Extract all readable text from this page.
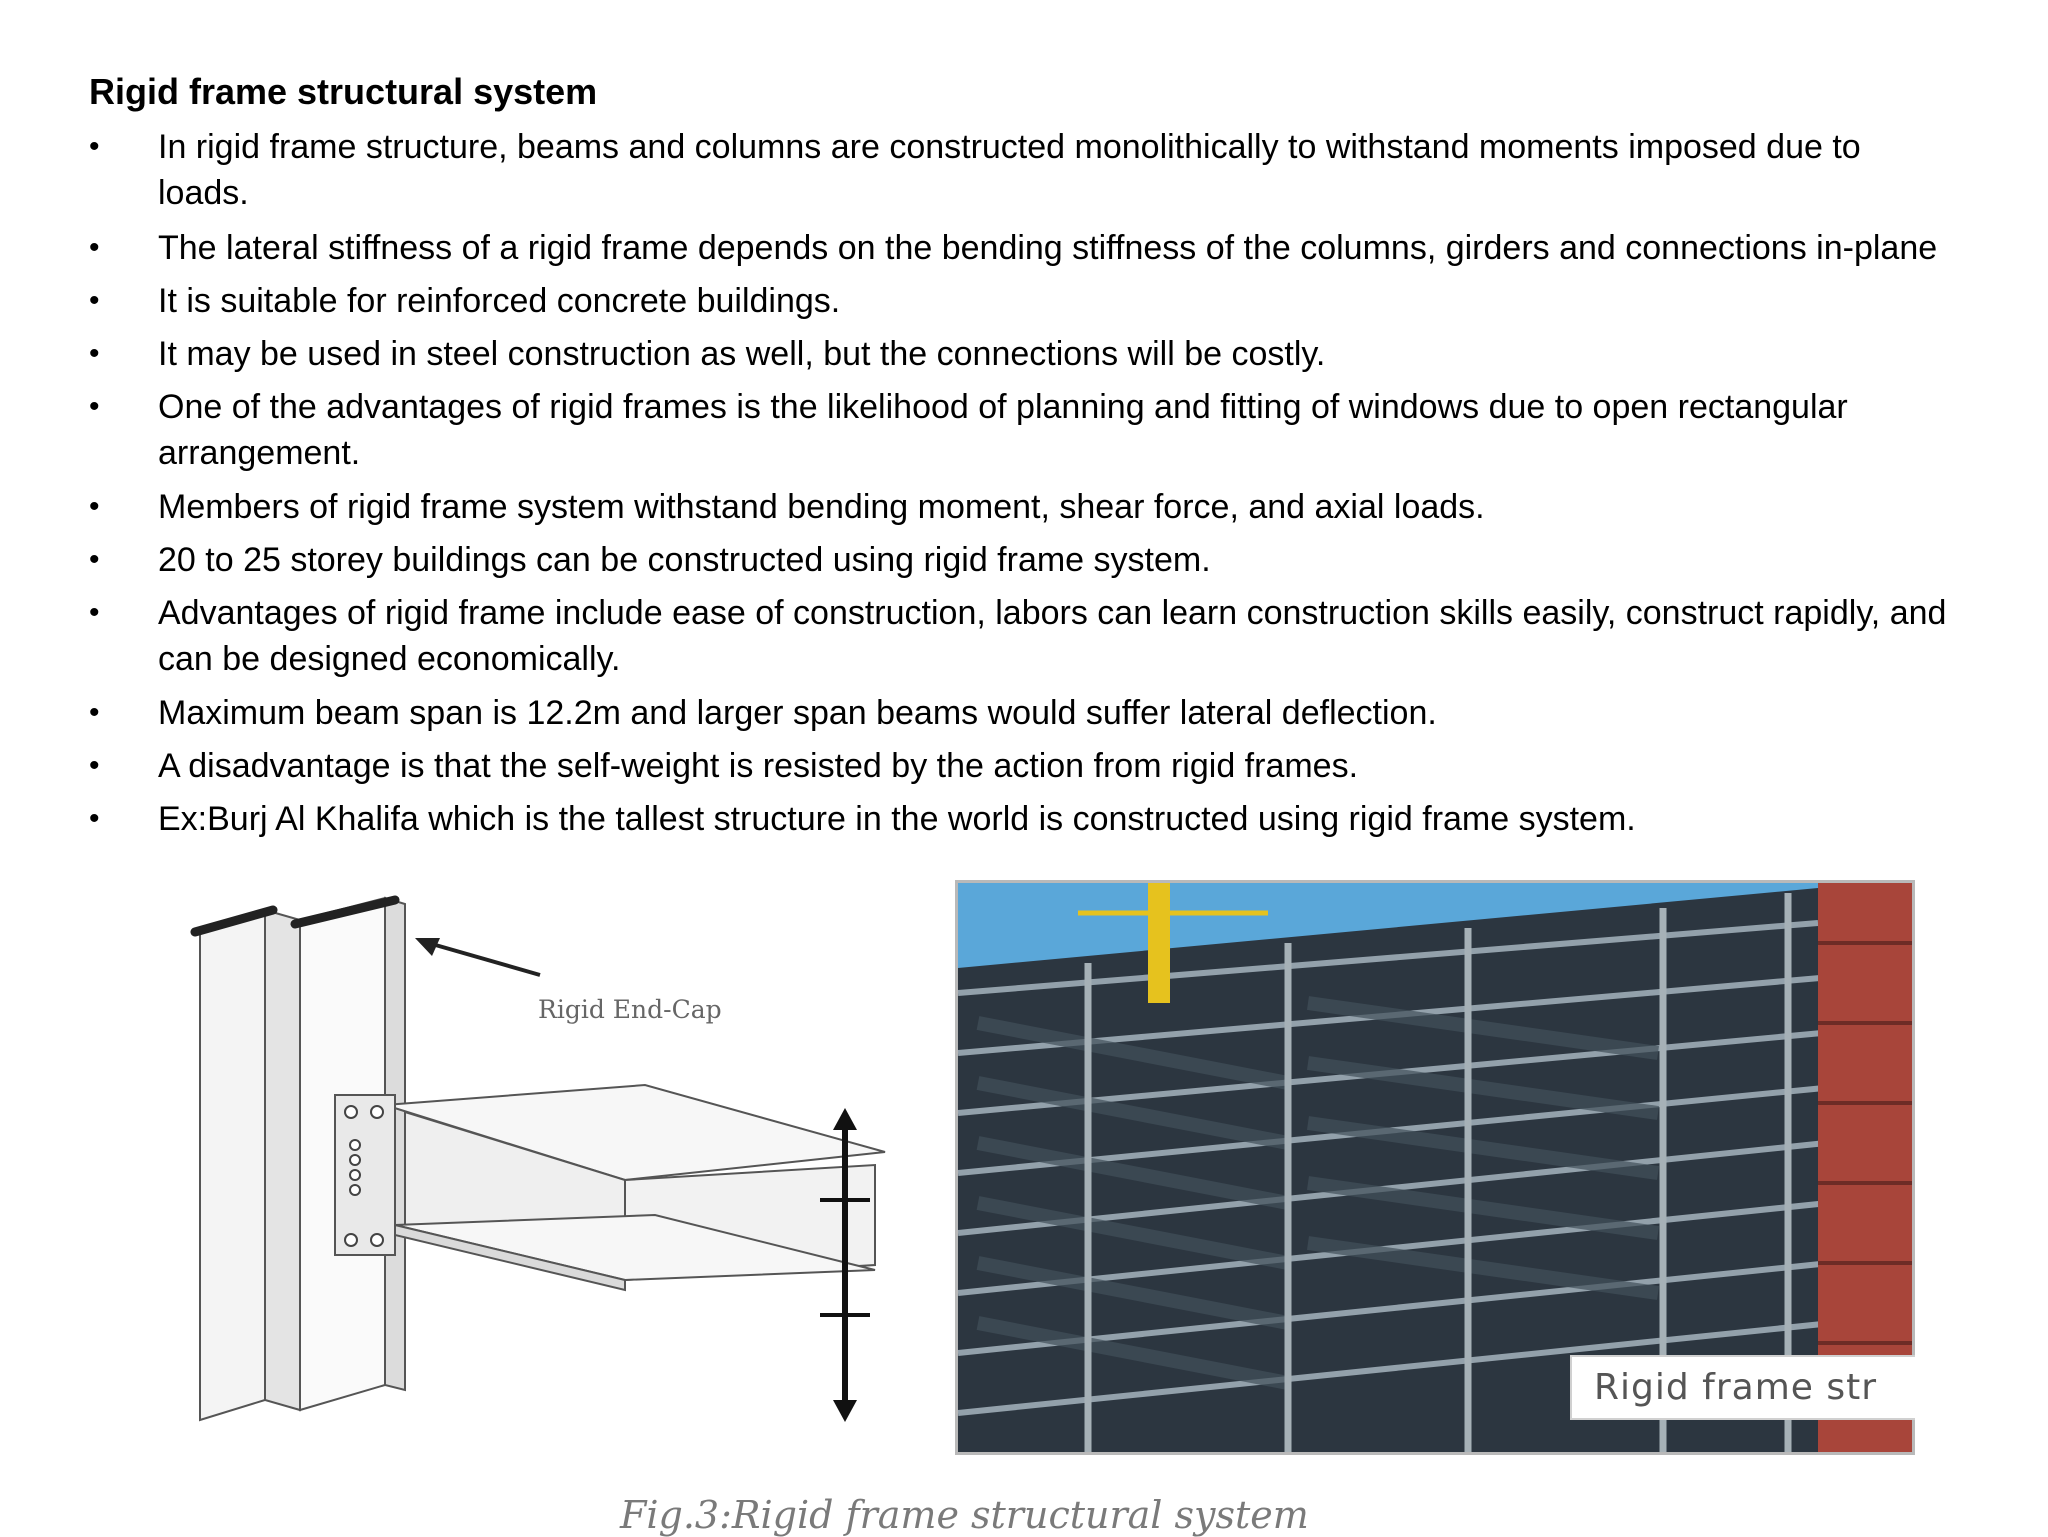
Rigid frame structural system
• In rigid frame structure, beams and columns are constructed monolithically to withstand moments imposed due to
loads.
• The lateral stiffness of a rigid frame depends on the bending stiffness of the columns, girders and connections in-plane
• It is suitable for reinforced concrete buildings.
• It may be used in steel construction as well, but the connections will be costly.
• One of the advantages of rigid frames is the likelihood of planning and fitting of windows due to open rectangular
arrangement.
• Members of rigid frame system withstand bending moment, shear force, and axial loads.
• 20 to 25 storey buildings can be constructed using rigid frame system.
• Advantages of rigid frame include ease of construction, labors can learn construction skills easily, construct rapidly, and
can be designed economically.
• Maximum beam span is 12.2m and larger span beams would suffer lateral deflection.
• A disadvantage is that the self-weight is resisted by the action from rigid frames.
• Ex:Burj Al Khalifa which is the tallest structure in the world is constructed using rigid frame system.
Rigid End-Cap
Rigid frame str
Fig.3:Rigid frame structural system
